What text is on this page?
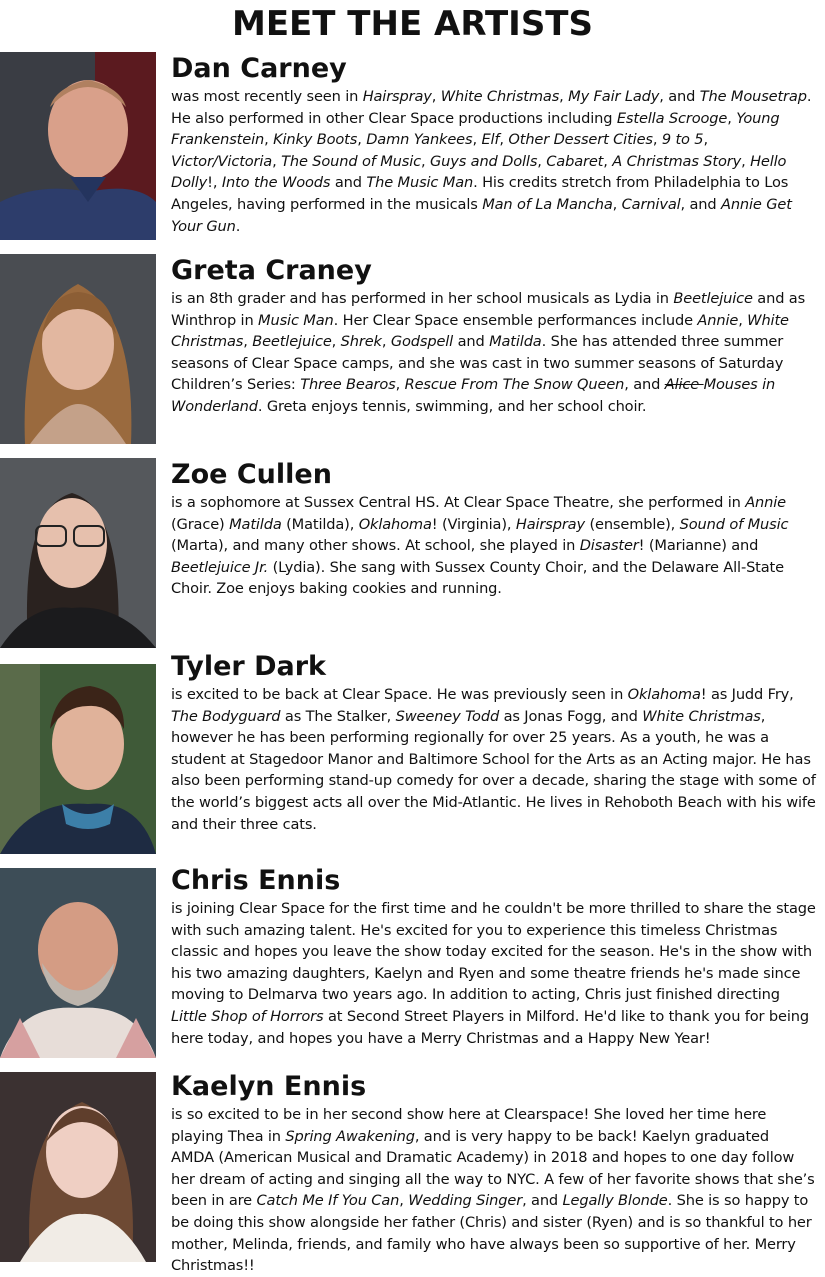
MEET THE ARTISTS
Dan Carney

was most recently seen in Hairspray, White Christmas, My Fair Lady, and The Mousetrap. He also performed in other Clear Space productions including Estella Scrooge, Young Frankenstein, Kinky Boots, Damn Yankees, Elf, Other Dessert Cities, 9 to 5, Victor/Victoria, The Sound of Music, Guys and Dolls, Cabaret, A Christmas Story, Hello Dolly!, Into the Woods and The Music Man. His credits stretch from Philadelphia to Los Angeles, having performed in the musicals Man of La Mancha, Carnival, and Annie Get Your Gun.

Greta Craney

is an 8th grader and has performed in her school musicals as Lydia in Beetlejuice and as Winthrop in Music Man. Her Clear Space ensemble performances include Annie, White Christmas, Beetlejuice, Shrek, Godspell and Matilda. She has attended three summer seasons of Clear Space camps, and she was cast in two summer seasons of Saturday Children’s Series: Three Bearos, Rescue From The Snow Queen, and Alice Mouses in Wonderland. Greta enjoys tennis, swimming, and her school choir.

Zoe Cullen

is a sophomore at Sussex Central HS. At Clear Space Theatre, she performed in Annie (Grace) Matilda (Matilda), Oklahoma! (Virginia), Hairspray (ensemble), Sound of Music (Marta), and many other shows. At school, she played in Disaster! (Marianne) and Beetlejuice Jr. (Lydia). She sang with Sussex County Choir, and the Delaware All-State Choir. Zoe enjoys baking cookies and running.

Tyler Dark

is excited to be back at Clear Space. He was previously seen in Oklahoma! as Judd Fry, The Bodyguard as The Stalker, Sweeney Todd as Jonas Fogg, and White Christmas, however he has been performing regionally for over 25 years. As a youth, he was a student at Stagedoor Manor and Baltimore School for the Arts as an Acting major. He has also been performing stand-up comedy for over a decade, sharing the stage with some of the world’s biggest acts all over the Mid-Atlantic. He lives in Rehoboth Beach with his wife and their three cats.

Chris Ennis

is joining Clear Space for the first time and he couldn't be more thrilled to share the stage with such amazing talent. He's excited for you to experience this timeless Christmas classic and hopes you leave the show today excited for the season. He's in the show with his two amazing daughters, Kaelyn and Ryen and some theatre friends he's made since moving to Delmarva two years ago. In addition to acting, Chris just finished directing Little Shop of Horrors at Second Street Players in Milford. He'd like to thank you for being here today, and hopes you have a Merry Christmas and a Happy New Year!

Kaelyn Ennis

is so excited to be in her second show here at Clearspace! She loved her time here playing Thea in Spring Awakening, and is very happy to be back! Kaelyn graduated AMDA (American Musical and Dramatic Academy) in 2018 and hopes to one day follow her dream of acting and singing all the way to NYC. A few of her favorite shows that she’s been in are Catch Me If You Can, Wedding Singer, and Legally Blonde. She is so happy to be doing this show alongside her father (Chris) and sister (Ryen) and is so thankful to her mother, Melinda, friends, and family who have always been so supportive of her. Merry Christmas!!
